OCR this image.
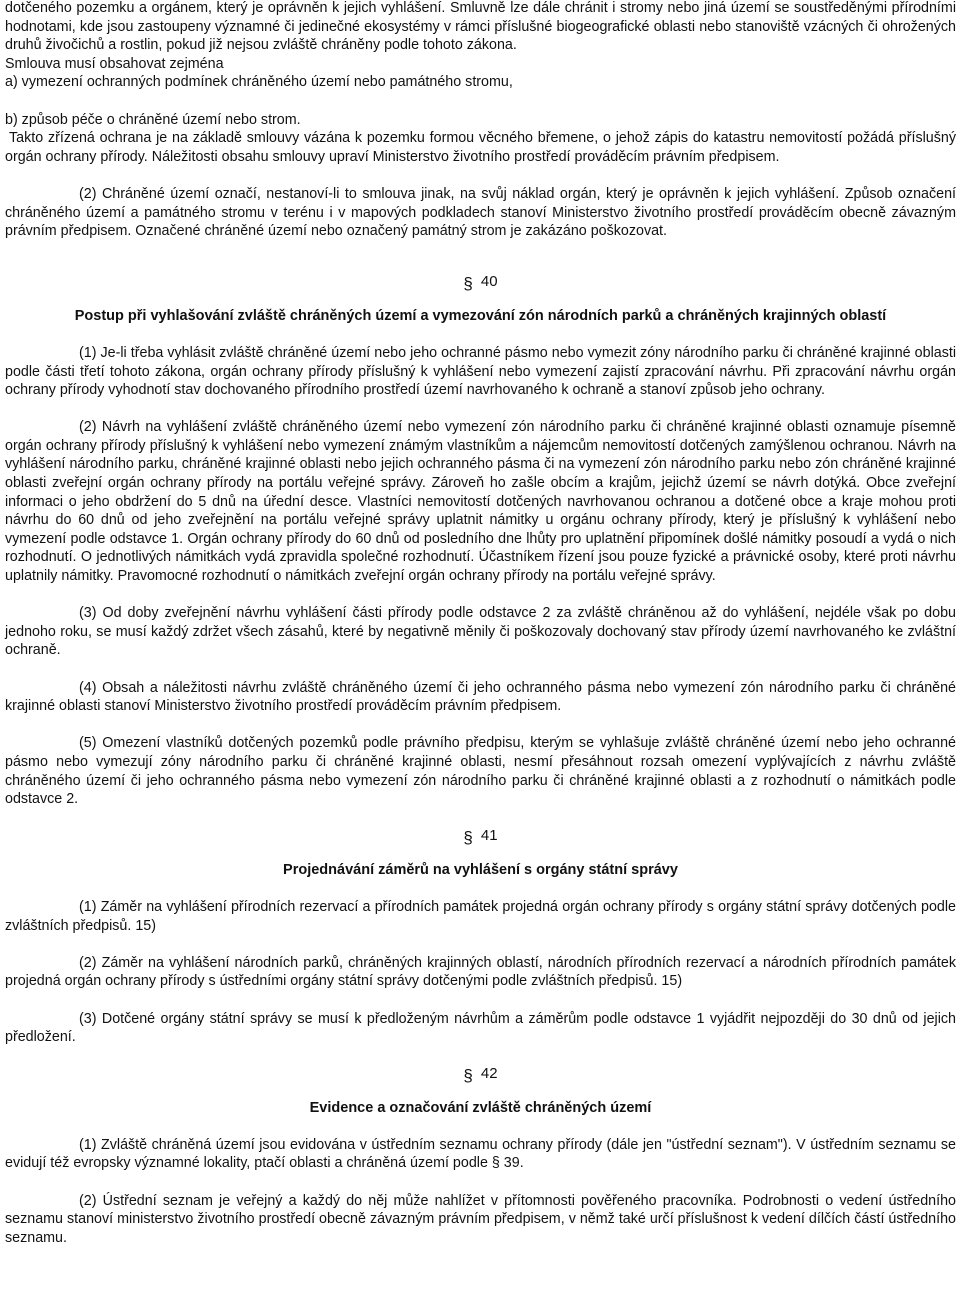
dotčeného pozemku a orgánem, který je oprávněn k jejich vyhlášení. Smluvně lze dále chránit i stromy nebo jiná území se soustředěnými přírodními hodnotami, kde jsou zastoupeny významné či jedinečné ekosystémy v rámci příslušné biogeografické oblasti nebo stanoviště vzácných či ohrožených druhů živočichů a rostlin, pokud již nejsou zvláště chráněny podle tohoto zákona.

Smlouva musí obsahovat zejména

a) vymezení ochranných podmínek chráněného území nebo památného stromu,

b) způsob péče o chráněné území nebo strom.

Takto zřízená ochrana je na základě smlouvy vázána k pozemku formou věcného břemene, o jehož zápis do katastru nemovitostí požádá příslušný orgán ochrany přírody. Náležitosti obsahu smlouvy upraví Ministerstvo životního prostředí prováděcím právním předpisem.

(2) Chráněné území označí, nestanoví-li to smlouva jinak, na svůj náklad orgán, který je oprávněn k jejich vyhlášení. Způsob označení chráněného území a památného stromu v terénu i v mapových podkladech stanoví Ministerstvo životního prostředí prováděcím obecně závazným právním předpisem. Označené chráněné území nebo označený památný strom je zakázáno poškozovat.

§ 40

Postup při vyhlašování zvláště chráněných území a vymezování zón národních parků a chráněných krajinných oblastí

(1) Je-li třeba vyhlásit zvláště chráněné území nebo jeho ochranné pásmo nebo vymezit zóny národního parku či chráněné krajinné oblasti podle části třetí tohoto zákona, orgán ochrany přírody příslušný k vyhlášení nebo vymezení zajistí zpracování návrhu. Při zpracování návrhu orgán ochrany přírody vyhodnotí stav dochovaného přírodního prostředí území navrhovaného k ochraně a stanoví způsob jeho ochrany.

(2) Návrh na vyhlášení zvláště chráněného území nebo vymezení zón národního parku či chráněné krajinné oblasti oznamuje písemně orgán ochrany přírody příslušný k vyhlášení nebo vymezení známým vlastníkům a nájemcům nemovitostí dotčených zamýšlenou ochranou. Návrh na vyhlášení národního parku, chráněné krajinné oblasti nebo jejich ochranného pásma či na vymezení zón národního parku nebo zón chráněné krajinné oblasti zveřejní orgán ochrany přírody na portálu veřejné správy. Zároveň ho zašle obcím a krajům, jejichž území se návrh dotýká. Obce zveřejní informaci o jeho obdržení do 5 dnů na úřední desce. Vlastníci nemovitostí dotčených navrhovanou ochranou a dotčené obce a kraje mohou proti návrhu do 60 dnů od jeho zveřejnění na portálu veřejné správy uplatnit námitky u orgánu ochrany přírody, který je příslušný k vyhlášení nebo vymezení podle odstavce 1. Orgán ochrany přírody do 60 dnů od posledního dne lhůty pro uplatnění připomínek došlé námitky posoudí a vydá o nich rozhodnutí. O jednotlivých námitkách vydá zpravidla společné rozhodnutí. Účastníkem řízení jsou pouze fyzické a právnické osoby, které proti návrhu uplatnily námitky. Pravomocné rozhodnutí o námitkách zveřejní orgán ochrany přírody na portálu veřejné správy.

(3) Od doby zveřejnění návrhu vyhlášení části přírody podle odstavce 2 za zvláště chráněnou až do vyhlášení, nejdéle však po dobu jednoho roku, se musí každý zdržet všech zásahů, které by negativně měnily či poškozovaly dochovaný stav přírody území navrhovaného ke zvláštní ochraně.

(4) Obsah a náležitosti návrhu zvláště chráněného území či jeho ochranného pásma nebo vymezení zón národního parku či chráněné krajinné oblasti stanoví Ministerstvo životního prostředí prováděcím právním předpisem.

(5) Omezení vlastníků dotčených pozemků podle právního předpisu, kterým se vyhlašuje zvláště chráněné území nebo jeho ochranné pásmo nebo vymezují zóny národního parku či chráněné krajinné oblasti, nesmí přesáhnout rozsah omezení vyplývajících z návrhu zvláště chráněného území či jeho ochranného pásma nebo vymezení zón národního parku či chráněné krajinné oblasti a z rozhodnutí o námitkách podle odstavce 2.

§ 41

Projednávání záměrů na vyhlášení s orgány státní správy

(1) Záměr na vyhlášení přírodních rezervací a přírodních památek projedná orgán ochrany přírody s orgány státní správy dotčených podle zvláštních předpisů. 15)

(2) Záměr na vyhlášení národních parků, chráněných krajinných oblastí, národních přírodních rezervací a národních přírodních památek projedná orgán ochrany přírody s ústředními orgány státní správy dotčenými podle zvláštních předpisů. 15)

(3) Dotčené orgány státní správy se musí k předloženým návrhům a záměrům podle odstavce 1 vyjádřit nejpozději do 30 dnů od jejich předložení.

§ 42

Evidence a označování zvláště chráněných území

(1) Zvláště chráněná území jsou evidována v ústředním seznamu ochrany přírody (dále jen "ústřední seznam"). V ústředním seznamu se evidují též evropsky významné lokality, ptačí oblasti a chráněná území podle § 39.

(2) Ústřední seznam je veřejný a každý do něj může nahlížet v přítomnosti pověřeného pracovníka. Podrobnosti o vedení ústředního seznamu stanoví ministerstvo životního prostředí obecně závazným právním předpisem, v němž také určí příslušnost k vedení dílčích částí ústředního seznamu.
